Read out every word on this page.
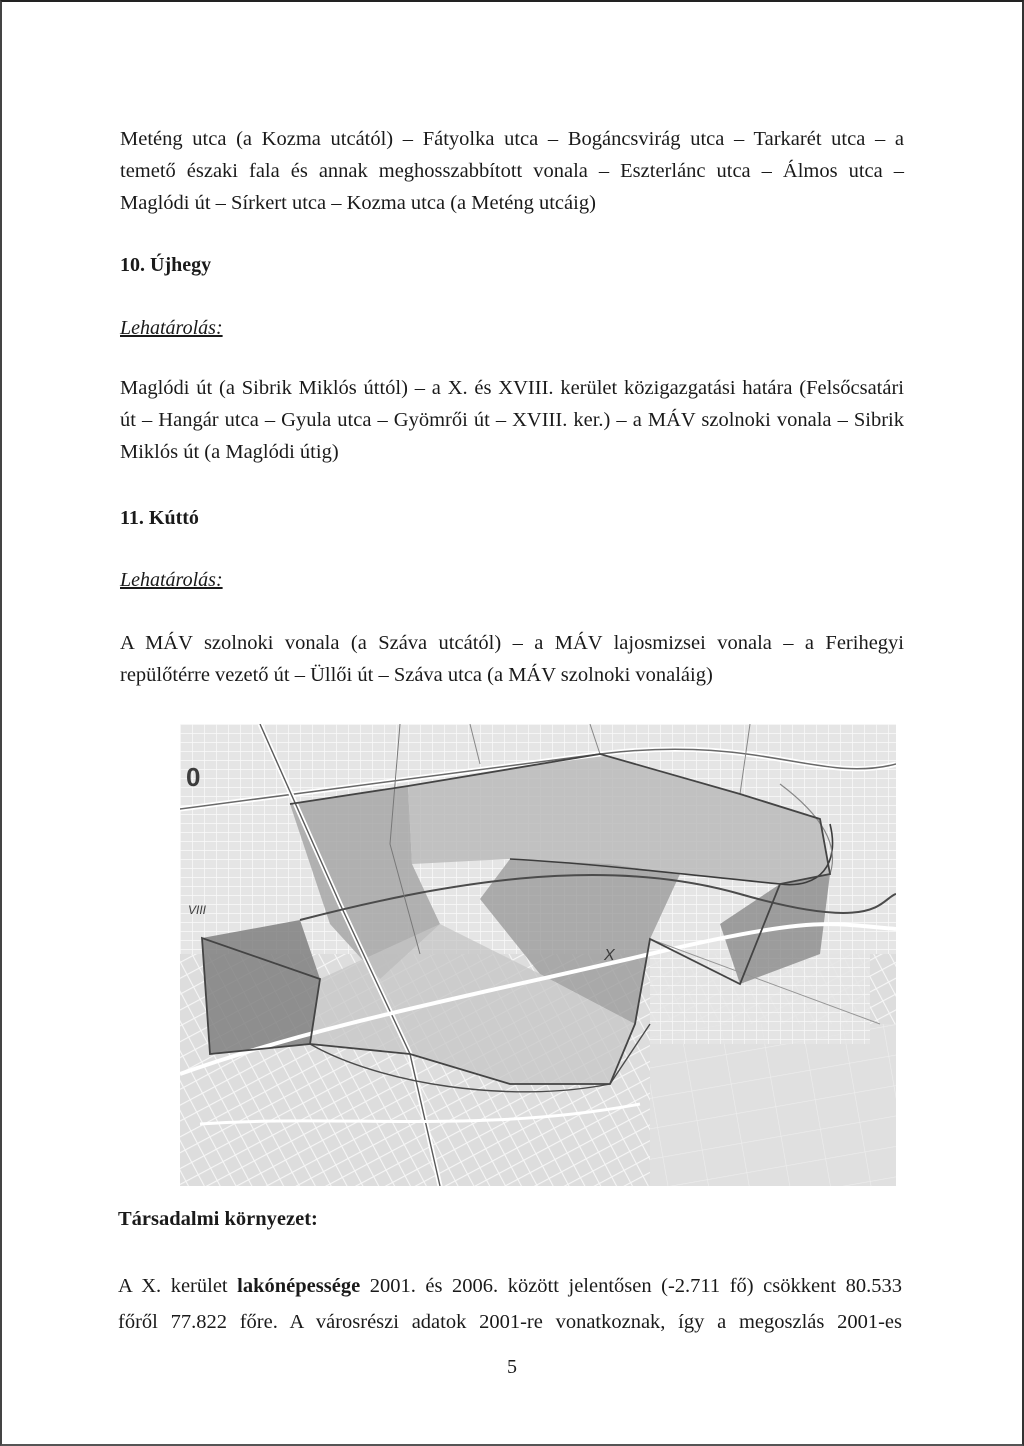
Meténg utca (a Kozma utcától) – Fátyolka utca – Bogáncsvirág utca – Tarkarét utca – a
temető északi fala és annak meghosszabbított vonala – Eszterlánc utca – Álmos utca –
Maglódi út – Sírkert utca – Kozma utca (a Meténg utcáig)
10. Újhegy

Lehatárolás:

Maglódi út (a Sibrik Miklós úttól) – a X. és XVIII. kerület közigazgatási határa (Felsőcsatári
út – Hangár utca – Gyula utca – Gyömrői út – XVIII. ker.) – a MÁV szolnoki vonala – Sibrik
Miklós út (a Maglódi útig)
11. Kúttó

Lehatárolás:

A MÁV szolnoki vonala (a Száva utcától) – a MÁV lajosmizsei vonala – a Ferihegyi
repülőtérre vezető út – Üllői út – Száva utca (a MÁV szolnoki vonaláig)
0
VIII
X
Társadalmi környezet:
A X. kerület lakónépessége 2001. és 2006. között jelentősen (-2.711 fő) csökkent 80.533
főről 77.822 főre. A városrészi adatok 2001-re vonatkoznak, így a megoszlás 2001-es
5
